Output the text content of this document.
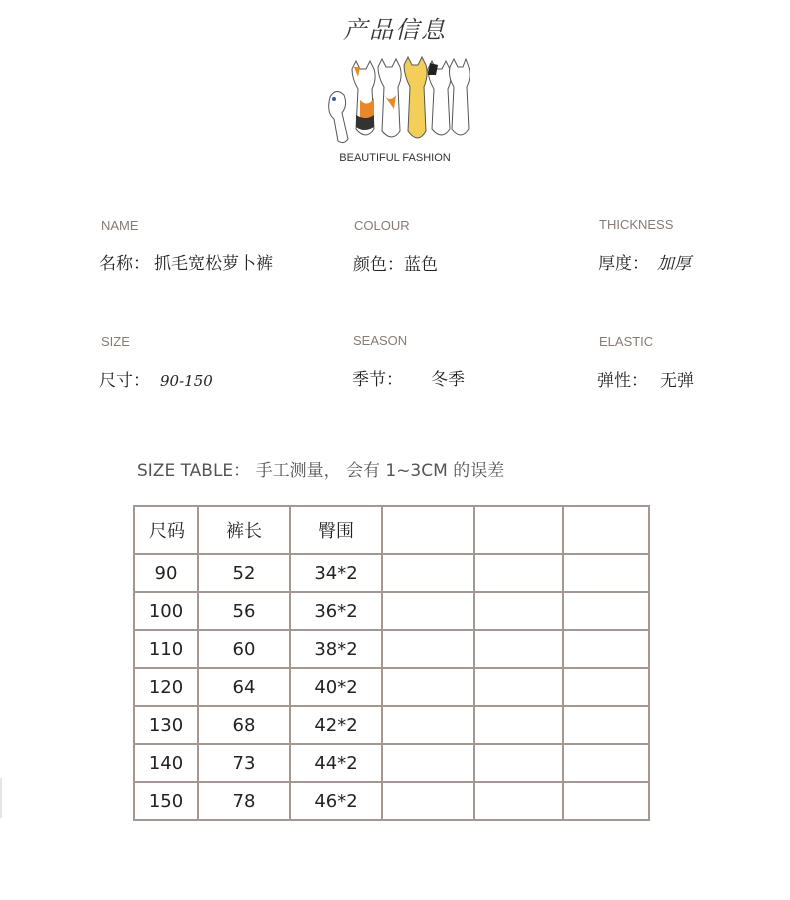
产品信息
BEAUTIFUL FASHION
NAME
名称： 抓毛宽松萝卜裤
COLOUR
颜色：蓝色
THICKNESS
厚度： 加厚
SIZE
尺寸： 90-150
SEASON
季节： 冬季
ELASTIC
弹性： 无弹
SIZE TABLE： 手工测量， 会有 1~3CM 的误差
尺码	裤长	臀围			
90	52	34*2			
100	56	36*2			
110	60	38*2			
120	64	40*2			
130	68	42*2			
140	73	44*2			
150	78	46*2			
